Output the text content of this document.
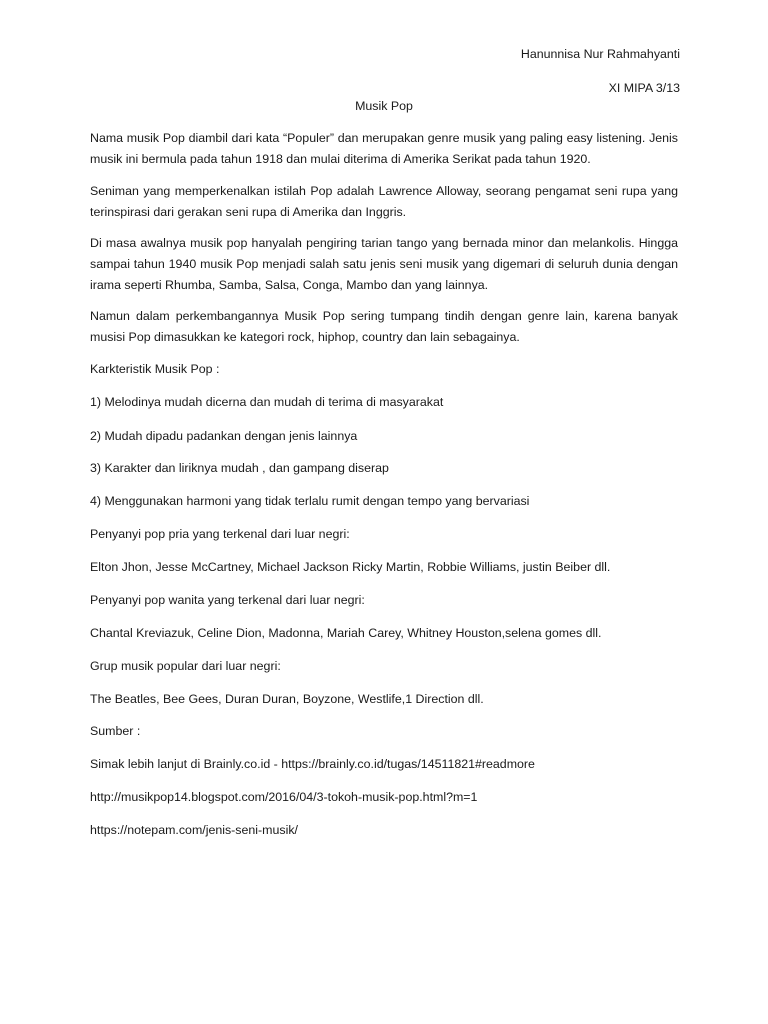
Hanunnisa Nur Rahmahyanti
XI MIPA 3/13
Musik Pop
Nama musik Pop diambil dari kata “Populer” dan merupakan genre musik yang paling easy listening. Jenis musik ini bermula pada tahun 1918 dan mulai diterima di Amerika Serikat pada tahun 1920.
Seniman yang memperkenalkan istilah Pop adalah Lawrence Alloway, seorang pengamat seni rupa yang terinspirasi dari gerakan seni rupa di Amerika dan Inggris.
Di masa awalnya musik pop hanyalah pengiring tarian tango yang bernada minor dan melankolis. Hingga sampai tahun 1940 musik Pop menjadi salah satu jenis seni musik yang digemari di seluruh dunia dengan irama seperti Rhumba, Samba, Salsa, Conga, Mambo dan yang lainnya.
Namun dalam perkembangannya Musik Pop sering tumpang tindih dengan genre lain, karena banyak musisi Pop dimasukkan ke kategori rock, hiphop, country dan lain sebagainya.
Karkteristik Musik Pop :
1) Melodinya mudah dicerna dan mudah di terima di masyarakat
2) Mudah dipadu padankan dengan jenis lainnya
3) Karakter dan liriknya mudah , dan gampang diserap
4) Menggunakan harmoni yang tidak terlalu rumit dengan tempo yang bervariasi
Penyanyi pop pria yang terkenal dari luar negri:
Elton Jhon, Jesse McCartney, Michael Jackson Ricky Martin, Robbie Williams, justin Beiber dll.
Penyanyi pop wanita yang terkenal dari luar negri:
Chantal Kreviazuk, Celine Dion, Madonna, Mariah Carey, Whitney Houston,selena gomes dll.
Grup musik popular dari luar negri:
The Beatles, Bee Gees, Duran Duran, Boyzone, Westlife,1 Direction dll.
Sumber :
Simak lebih lanjut di Brainly.co.id - https://brainly.co.id/tugas/14511821#readmore
http://musikpop14.blogspot.com/2016/04/3-tokoh-musik-pop.html?m=1
https://notepam.com/jenis-seni-musik/
